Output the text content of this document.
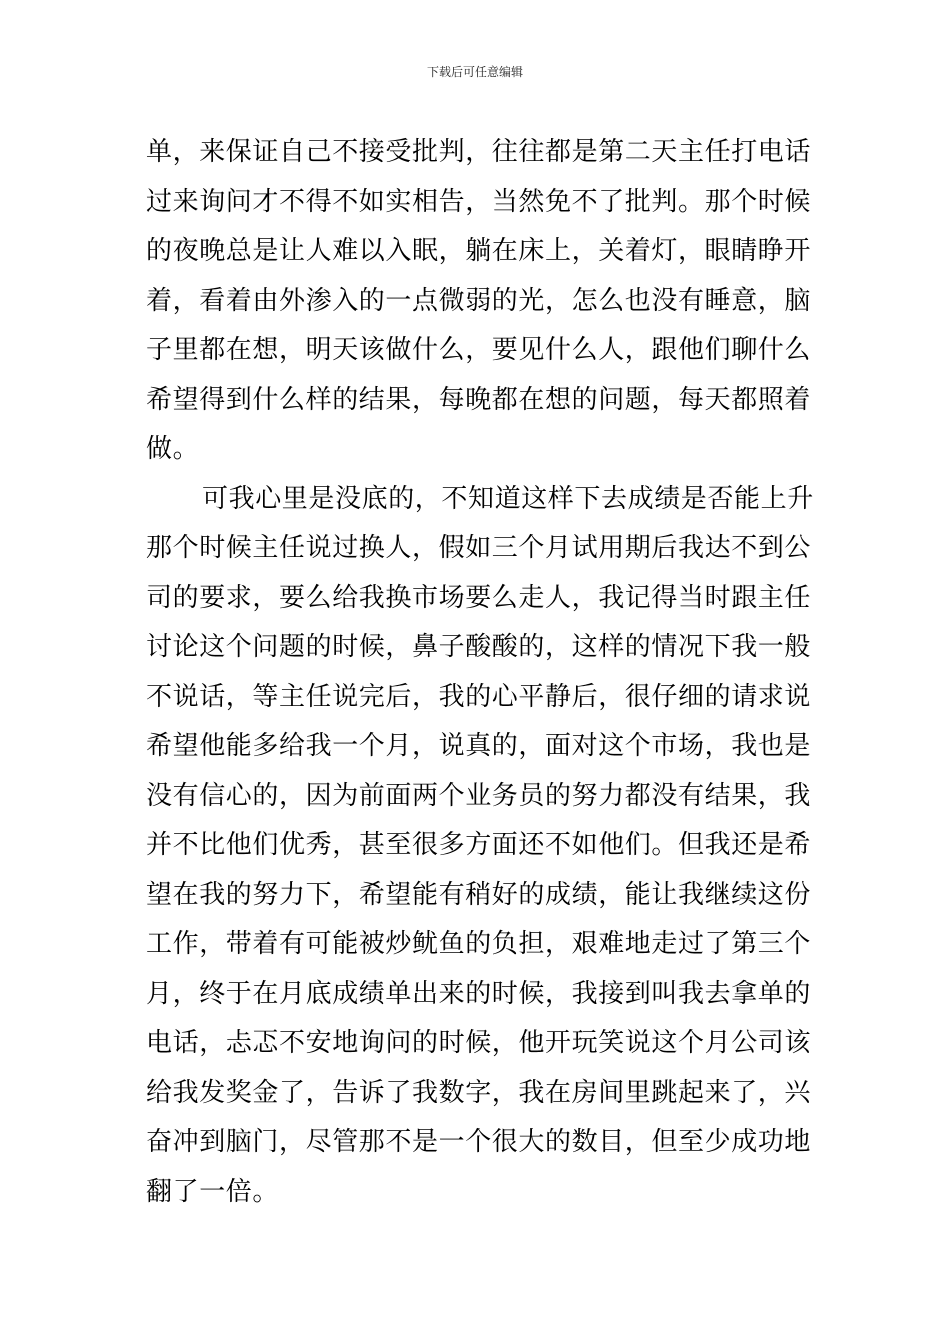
下载后可任意编辑
单，来保证自己不接受批判，往往都是第二天主任打电话
过来询问才不得不如实相告，当然免不了批判。那个时候
的夜晚总是让人难以入眠，躺在床上，关着灯，眼睛睁开
着，看着由外渗入的一点微弱的光，怎么也没有睡意，脑
子里都在想，明天该做什么，要见什么人，跟他们聊什么
希望得到什么样的结果，每晚都在想的问题，每天都照着
做。
可我心里是没底的，不知道这样下去成绩是否能上升
那个时候主任说过换人，假如三个月试用期后我达不到公
司的要求，要么给我换市场要么走人，我记得当时跟主任
讨论这个问题的时候，鼻子酸酸的，这样的情况下我一般
不说话，等主任说完后，我的心平静后，很仔细的请求说
希望他能多给我一个月，说真的，面对这个市场，我也是
没有信心的，因为前面两个业务员的努力都没有结果，我
并不比他们优秀，甚至很多方面还不如他们。但我还是希
望在我的努力下，希望能有稍好的成绩，能让我继续这份
工作，带着有可能被炒鱿鱼的负担，艰难地走过了第三个
月，终于在月底成绩单出来的时候，我接到叫我去拿单的
电话，忐忑不安地询问的时候，他开玩笑说这个月公司该
给我发奖金了，告诉了我数字，我在房间里跳起来了，兴
奋冲到脑门，尽管那不是一个很大的数目，但至少成功地
翻了一倍。
